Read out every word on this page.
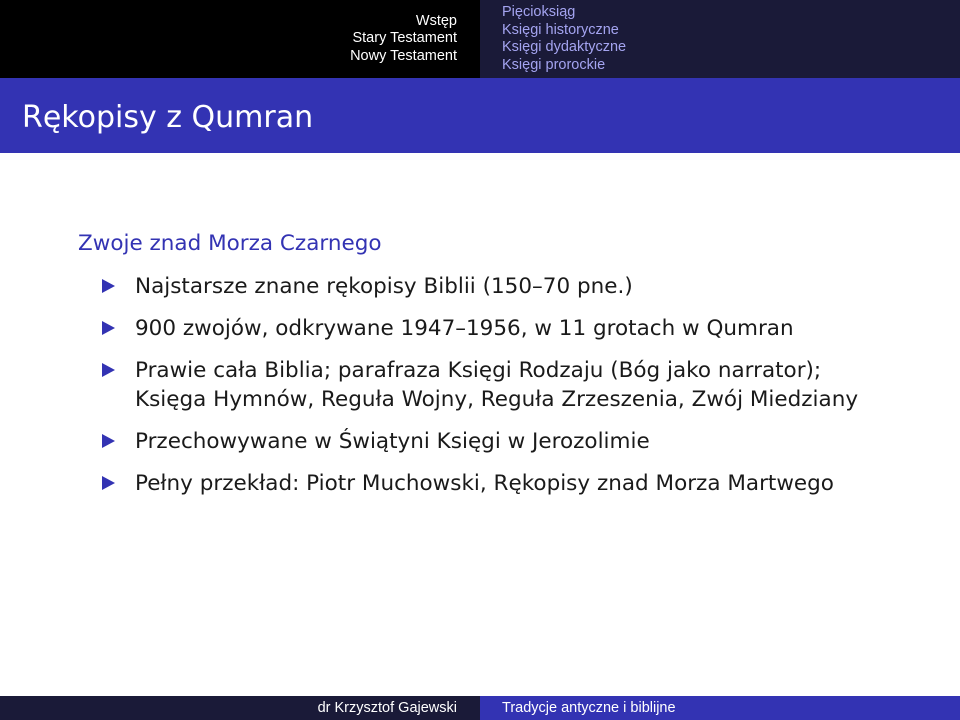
Wstęp
Stary Testament
Nowy Testament
Pięcioksiąg
Księgi historyczne
Księgi dydaktyczne
Księgi prorockie
Rękopisy z Qumran
Zwoje znad Morza Czarnego
Najstarsze znane rękopisy Biblii (150–70 pne.)
900 zwojów, odkrywane 1947–1956, w 11 grotach w Qumran
Prawie cała Biblia; parafraza Księgi Rodzaju (Bóg jako narrator); Księga Hymnów, Reguła Wojny, Reguła Zrzeszenia, Zwój Miedziany
Przechowywane w Świątyni Księgi w Jerozolimie
Pełny przekład: Piotr Muchowski, Rękopisy znad Morza Martwego
dr Krzysztof Gajewski	Tradycje antyczne i biblijne
